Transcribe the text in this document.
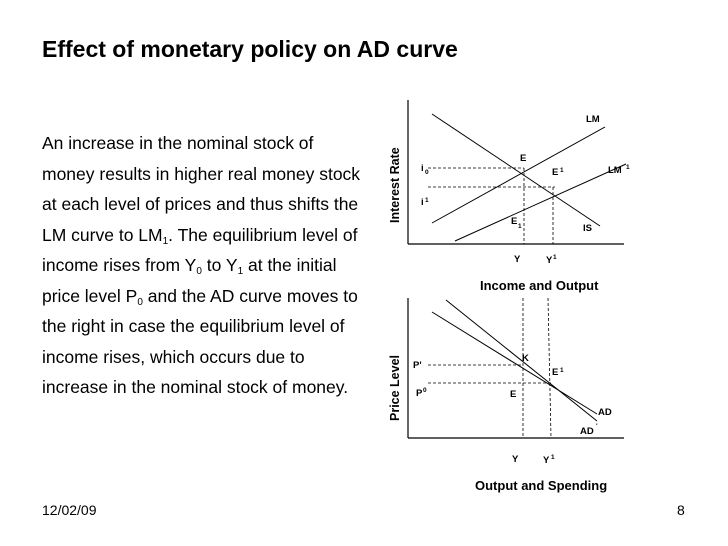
Effect of monetary policy on AD curve
An increase in the nominal stock of money results in higher real money stock at each level of prices and thus shifts the LM curve to $LM_1$. The equilibrium level of income rises from $Y_0$ to $Y_1$ at the initial price level $P_0$ and the AD curve moves to the right in case the equilibrium level of income rises, which occurs due to increase in the nominal stock of money.
Interest Rate
LM
LM 1
IS
E
E 1
E 1
i 0
i 1
Y	Y 1
Income and Output
Price Level P'
P 0
K
E
E 1
AD
AD '
Y	Y 1
Output and Spending
12/02/09	8
